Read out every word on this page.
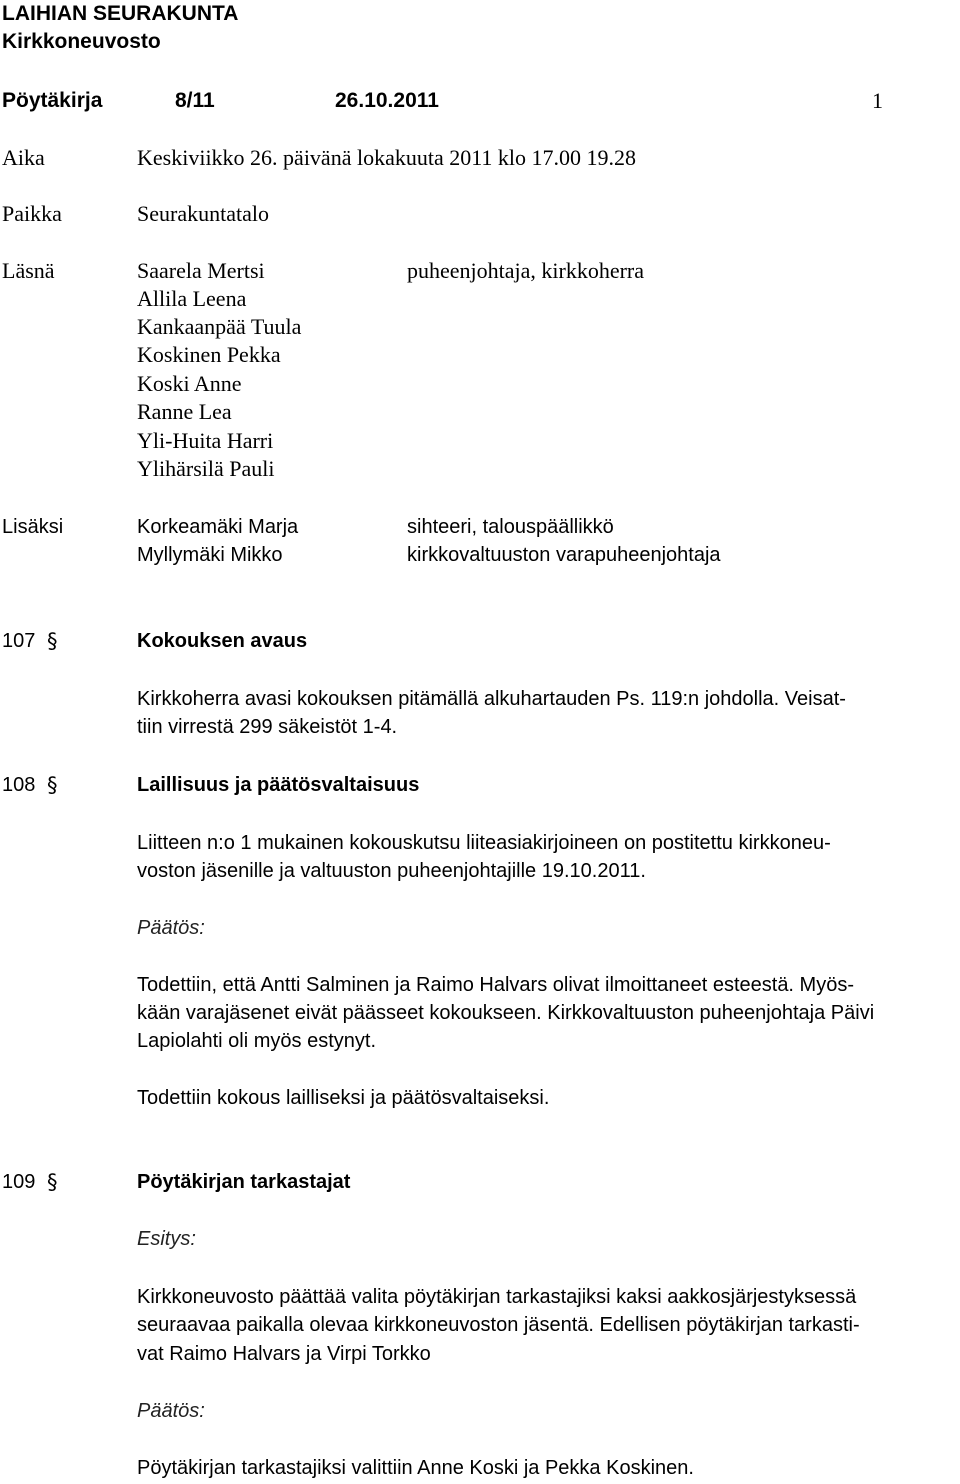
LAIHIAN SEURAKUNTA
Kirkkoneuvosto
Pöytäkirja	8/11	26.10.2011	1
Aika	Keskiviikko 26. päivänä lokakuuta 2011 klo 17.00 19.28
Paikka	Seurakuntatalo
Läsnä	Saarela Mertsi	puheenjohtaja, kirkkoherra
Allila Leena
Kankaanpää Tuula
Koskinen Pekka
Koski Anne
Ranne Lea
Yli-Huita Harri
Ylihärsilä Pauli
Lisäksi	Korkeamäki Marja	sihteeri, talouspäällikkö
Myllymäki Mikko	kirkkovaltuuston varapuheenjohtaja
107 §	Kokouksen avaus
Kirkkoherra avasi kokouksen pitämällä alkuhartauden Ps. 119:n johdolla. Veisat-
tiin virrestä 299 säkeistöt 1-4.
108 §	Laillisuus ja päätösvaltaisuus
Liitteen n:o 1 mukainen kokouskutsu liiteasiakirjoineen on postitettu kirkkoneu-
voston jäsenille ja valtuuston puheenjohtajille 19.10.2011.
Päätös:
Todettiin, että Antti Salminen ja Raimo Halvars olivat ilmoittaneet esteestä. Myös-
kään varajäsenet eivät päässeet kokoukseen. Kirkkovaltuuston puheenjohtaja Päivi
Lapiolahti oli myös estynyt.
Todettiin kokous lailliseksi ja päätösvaltaiseksi.
109 §	Pöytäkirjan tarkastajat
Esitys:
Kirkkoneuvosto päättää valita pöytäkirjan tarkastajiksi kaksi aakkosjärjestyksessä
seuraavaa paikalla olevaa kirkkoneuvoston jäsentä. Edellisen pöytäkirjan tarkasti-
vat Raimo Halvars ja Virpi Torkko
Päätös:
Pöytäkirjan tarkastajiksi valittiin Anne Koski ja Pekka Koskinen.
